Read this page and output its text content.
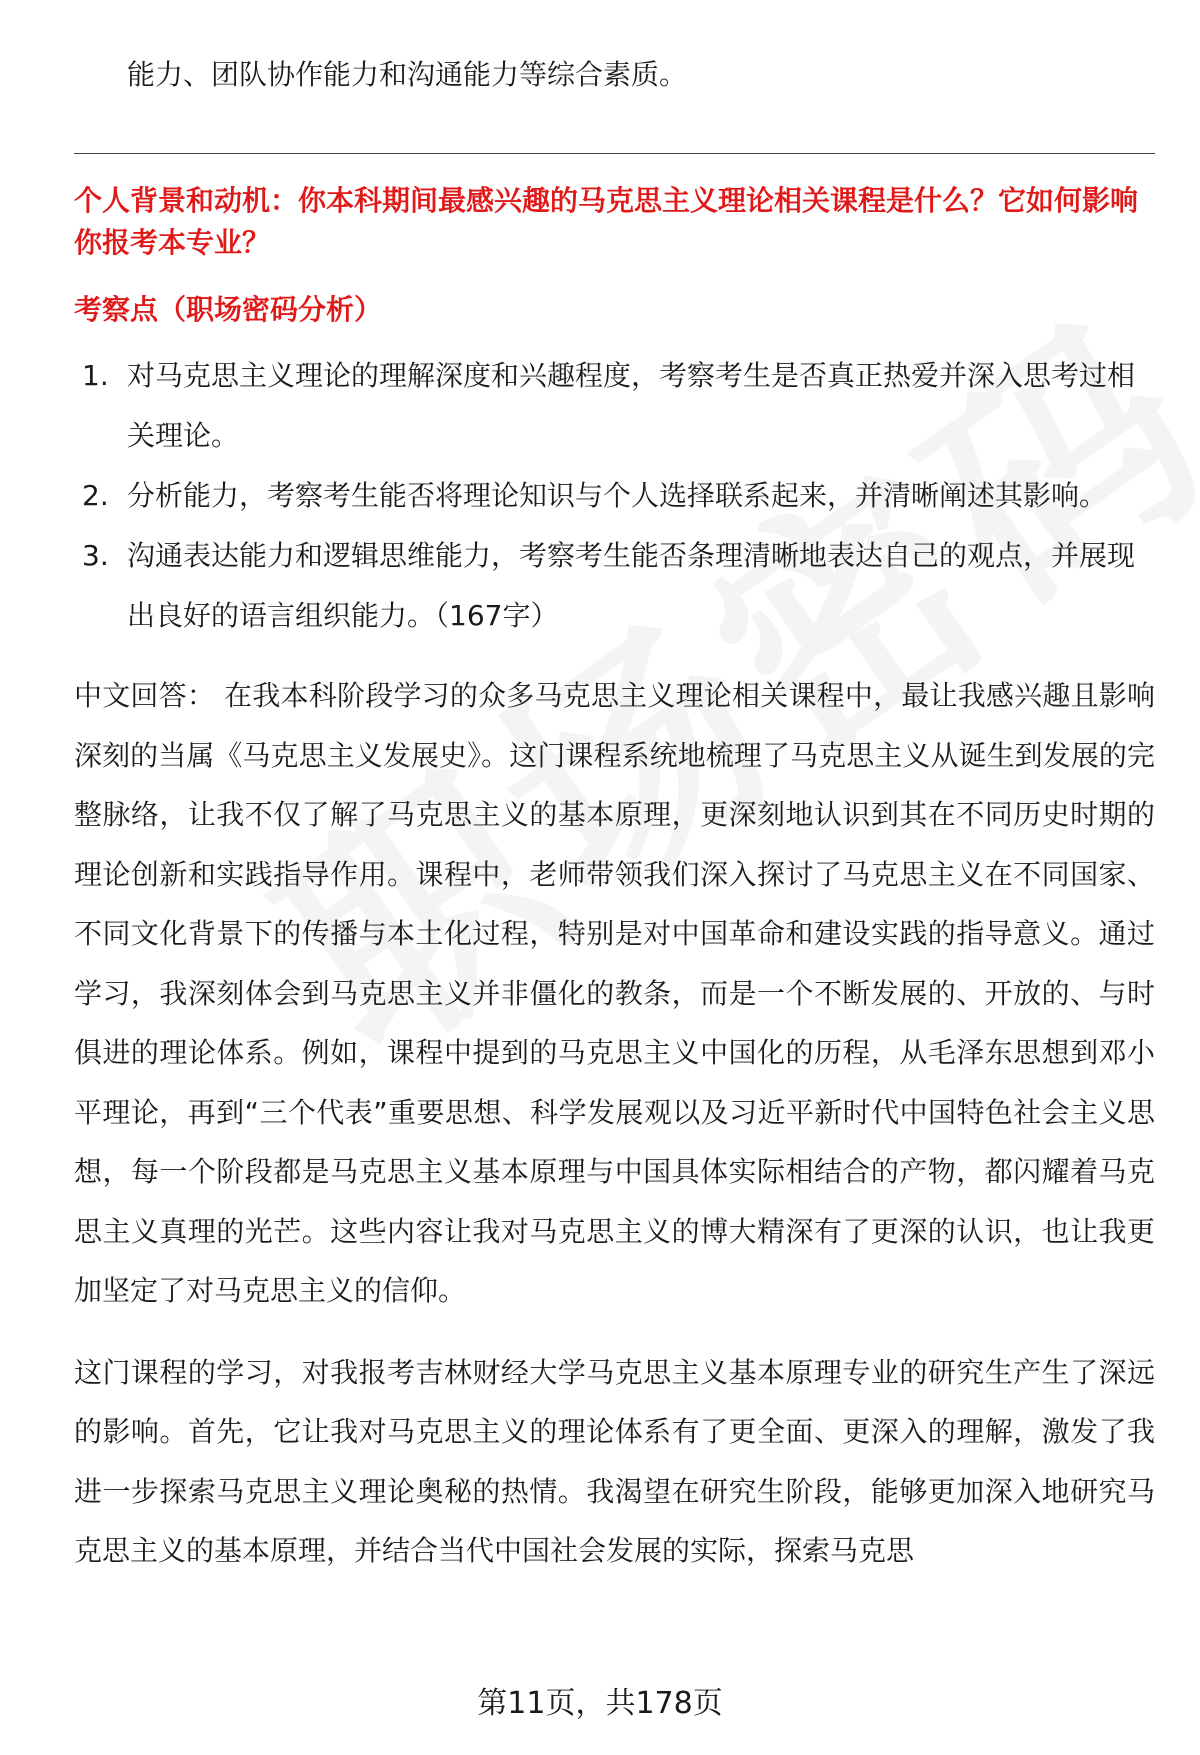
能力、团队协作能力和沟通能力等综合素质。

个人背景和动机：你本科期间最感兴趣的马克思主义理论相关课程是什么？它如何影响你报考本专业？

考察点（职场密码分析）

1. 对马克思主义理论的理解深度和兴趣程度，考察考生是否真正热爱并深入思考过相关理论。
2. 分析能力，考察考生能否将理论知识与个人选择联系起来，并清晰阐述其影响。
3. 沟通表达能力和逻辑思维能力，考察考生能否条理清晰地表达自己的观点，并展现出良好的语言组织能力。（167字）

中文回答： 在我本科阶段学习的众多马克思主义理论相关课程中，最让我感兴趣且影响深刻的当属《马克思主义发展史》。这门课程系统地梳理了马克思主义从诞生到发展的完整脉络，让我不仅了解了马克思主义的基本原理，更深刻地认识到其在不同历史时期的理论创新和实践指导作用。课程中，老师带领我们深入探讨了马克思主义在不同国家、不同文化背景下的传播与本土化过程，特别是对中国革命和建设实践的指导意义。通过学习，我深刻体会到马克思主义并非僵化的教条，而是一个不断发展的、开放的、与时俱进的理论体系。例如，课程中提到的马克思主义中国化的历程，从毛泽东思想到邓小平理论，再到“三个代表”重要思想、科学发展观以及习近平新时代中国特色社会主义思想，每一个阶段都是马克思主义基本原理与中国具体实际相结合的产物，都闪耀着马克思主义真理的光芒。这些内容让我对马克思主义的博大精深有了更深的认识，也让我更加坚定了对马克思主义的信仰。

这门课程的学习，对我报考吉林财经大学马克思主义基本原理专业的研究生产生了深远的影响。首先，它让我对马克思主义的理论体系有了更全面、更深入的理解，激发了我进一步探索马克思主义理论奥秘的热情。我渴望在研究生阶段，能够更加深入地研究马克思主义的基本原理，并结合当代中国社会发展的实际，探索马克思

第11页，共178页
